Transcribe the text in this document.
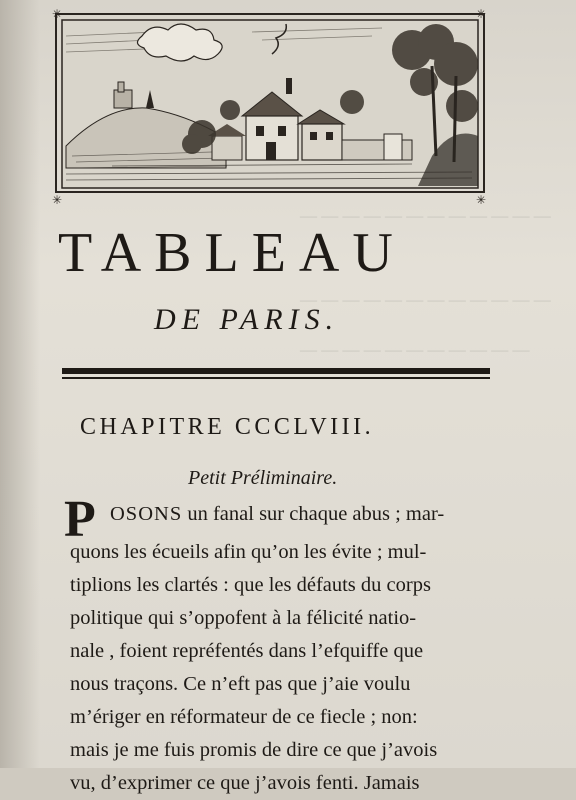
✳	✳
✳	✳
— — — — — — — — — — — —
— — — — — — — — — — — —
— — — — — — — — — — —
TABLEAU
DE PARIS.
CHAPITRE CCCLVIII.
Petit Préliminaire.
P OSONS un fanal sur chaque abus ; mar-
quons les écueils afin qu’on les évite ; mul-
tiplions les clartés : que les défauts du corps
politique qui s’oppofent à la félicité natio-
nale , foient repréfentés dans l’efquiffe que
nous traçons. Ce n’eft pas que j’aie voulu
m’ériger en réformateur de ce fiecle ; non:
mais je me fuis promis de dire ce que j’avois
vu, d’exprimer ce que j’avois fenti. Jamais
